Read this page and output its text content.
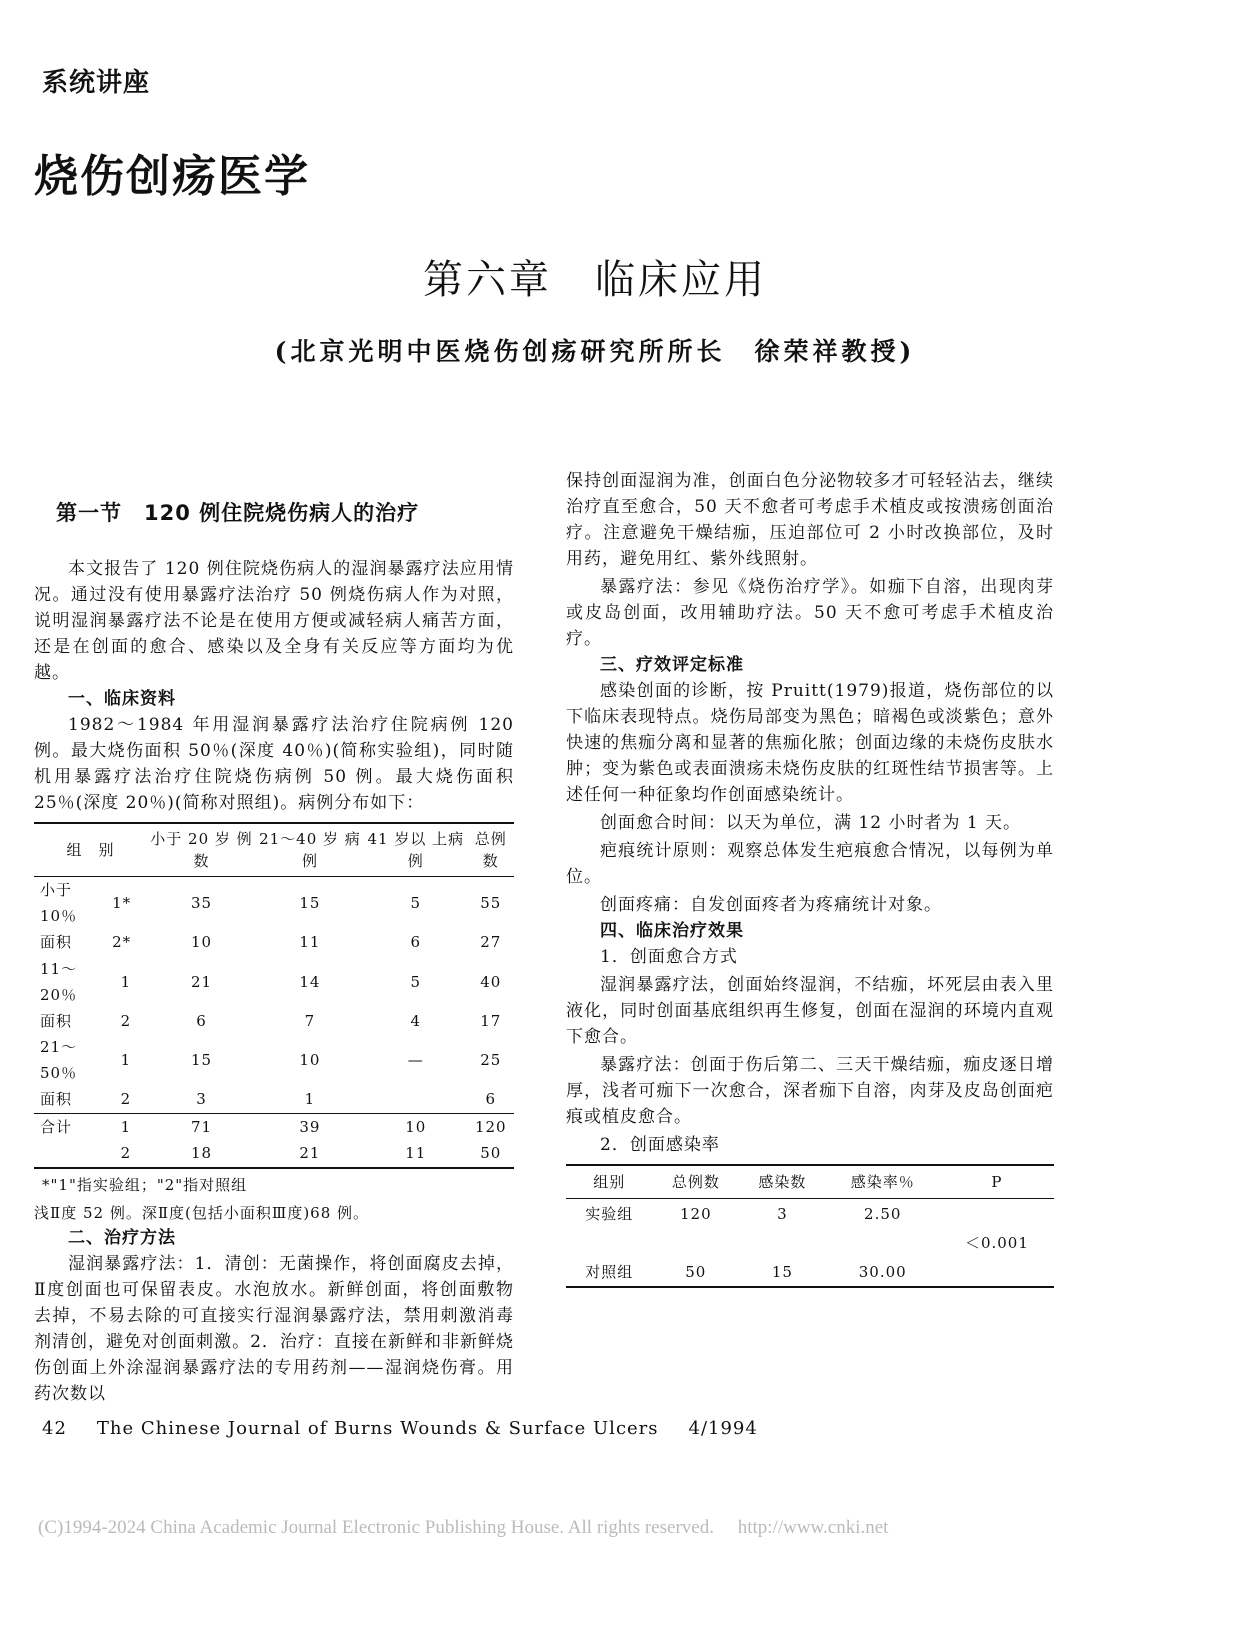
系统讲座
烧伤创疡医学
第六章　临床应用
(北京光明中医烧伤创疡研究所所长　徐荣祥教授)
第一节　120 例住院烧伤病人的治疗

本文报告了 120 例住院烧伤病人的湿润暴露疗法应用情况。通过没有使用暴露疗法治疗 50 例烧伤病人作为对照，说明湿润暴露疗法不论是在使用方便或减轻病人痛苦方面，还是在创面的愈合、感染以及全身有关反应等方面均为优越。

一、临床资料

1982～1984 年用湿润暴露疗法治疗住院病例 120 例。最大烧伤面积 50％(深度 40％)(简称实验组)，同时随机用暴露疗法治疗住院烧伤病例 50 例。最大烧伤面积 25％(深度 20％)(简称对照组)。病例分布如下：

组　别		小于 20 岁 例数	21～40 岁 病例	41 岁以 上病例	总例数
小于 10％	1*	35	15	5	55
面积	2*	10	11	6	27
11～20％	1	21	14	5	40
面积	2	6	7	4	17
21～50％	1	15	10	—	25
面积	2	3	1		6
合计	1	71	39	10	120
	2	18	21	11	50
*"1"指实验组；"2"指对照组
浅Ⅱ度 52 例。深Ⅱ度(包括小面积Ⅲ度)68 例。
二、治疗方法

湿润暴露疗法：1．清创：无菌操作，将创面腐皮去掉，Ⅱ度创面也可保留表皮。水泡放水。新鲜创面，将创面敷物去掉，不易去除的可直接实行湿润暴露疗法，禁用刺激消毒剂清创，避免对创面刺激。2．治疗：直接在新鲜和非新鲜烧伤创面上外涂湿润暴露疗法的专用药剂——湿润烧伤膏。用药次数以

保持创面湿润为准，创面白色分泌物较多才可轻轻沾去，继续治疗直至愈合，50 天不愈者可考虑手术植皮或按溃疡创面治疗。注意避免干燥结痂，压迫部位可 2 小时改换部位，及时用药，避免用红、紫外线照射。

暴露疗法：参见《烧伤治疗学》。如痂下自溶，出现肉芽或皮岛创面，改用辅助疗法。50 天不愈可考虑手术植皮治疗。

三、疗效评定标准

感染创面的诊断，按 Pruitt(1979)报道，烧伤部位的以下临床表现特点。烧伤局部变为黑色；暗褐色或淡紫色；意外快速的焦痂分离和显著的焦痂化脓；创面边缘的未烧伤皮肤水肿；变为紫色或表面溃疡未烧伤皮肤的红斑性结节损害等。上述任何一种征象均作创面感染统计。

创面愈合时间：以天为单位，满 12 小时者为 1 天。

疤痕统计原则：观察总体发生疤痕愈合情况，以每例为单位。

创面疼痛：自发创面疼者为疼痛统计对象。

四、临床治疗效果
1．创面愈合方式

湿润暴露疗法，创面始终湿润，不结痂，坏死层由表入里液化，同时创面基底组织再生修复，创面在湿润的环境内直观下愈合。

暴露疗法：创面于伤后第二、三天干燥结痂，痂皮逐日增厚，浅者可痂下一次愈合，深者痂下自溶，肉芽及皮岛创面疤痕或植皮愈合。

2．创面感染率
组别	总例数	感染数	感染率％	P
实验组	120	3	2.50	
				＜0.001
对照组	50	15	30.00	
42 The Chinese Journal of Burns Wounds & Surface Ulcers 4/1994
(C)1994-2024 China Academic Journal Electronic Publishing House. All rights reserved.　 http://www.cnki.net
